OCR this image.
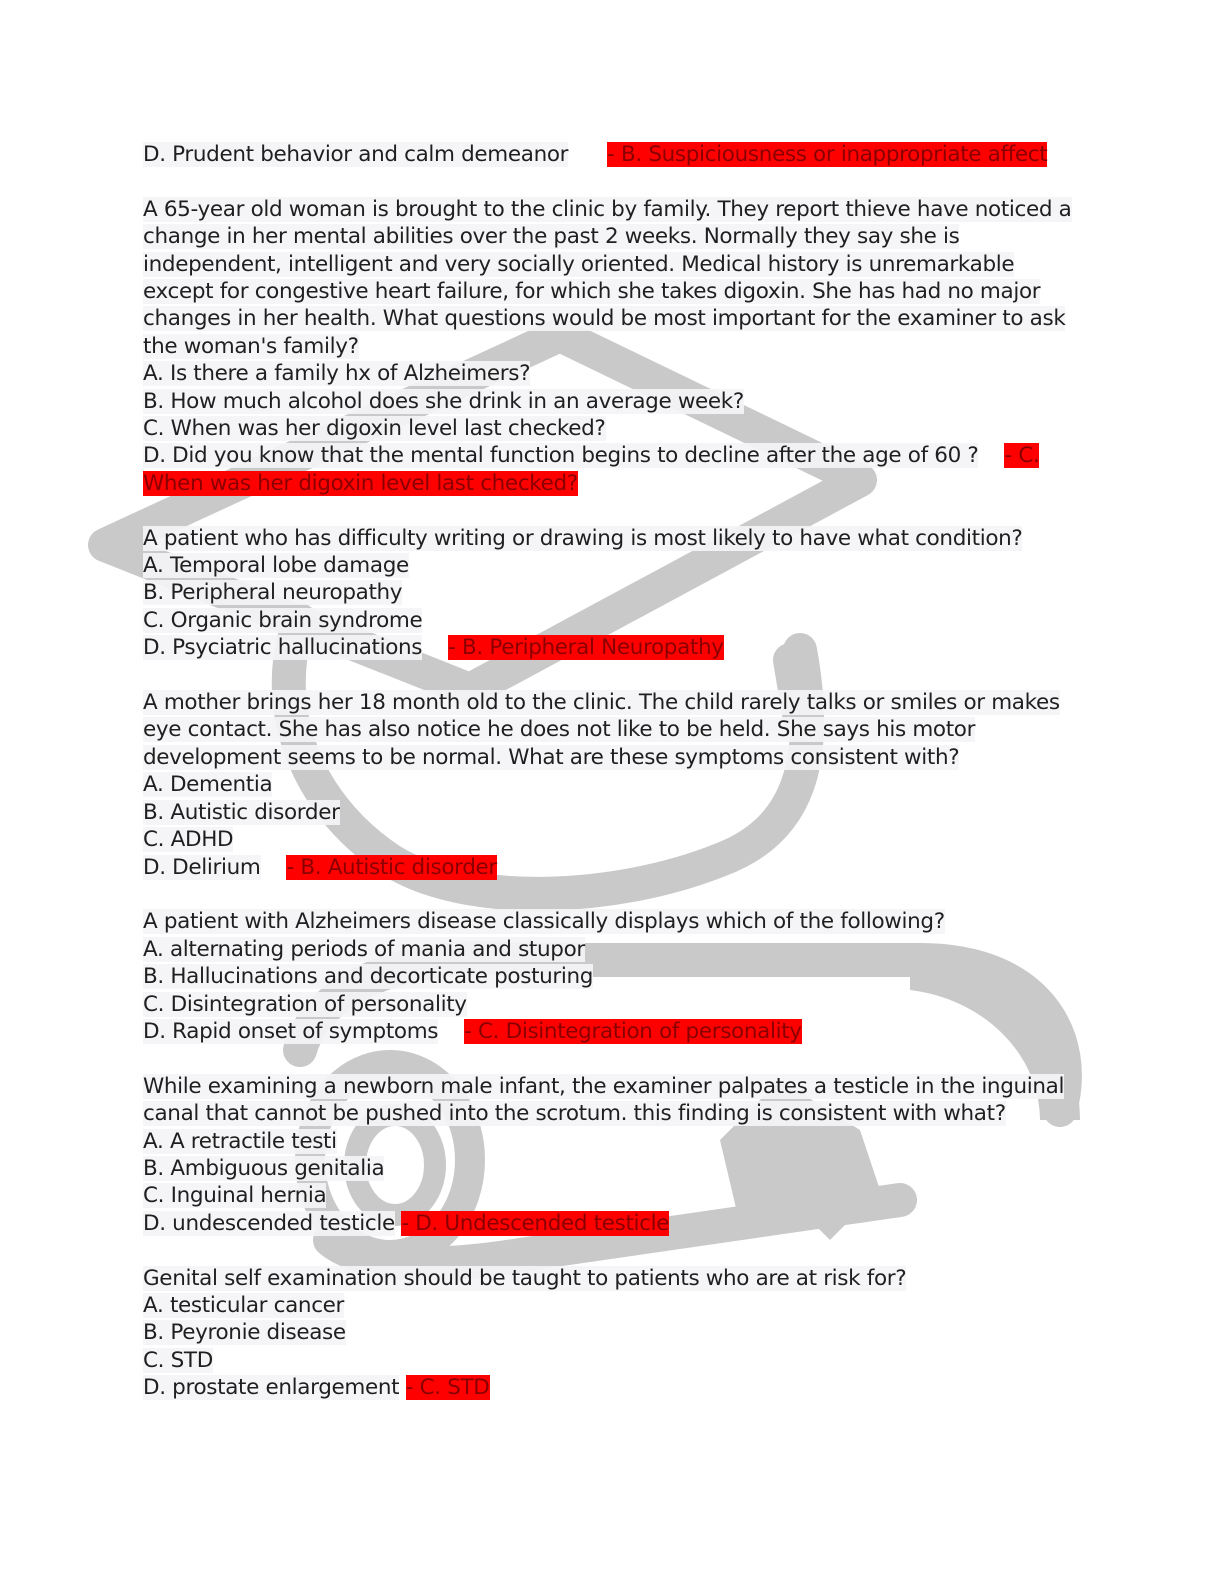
D. Prudent behavior and calm demeanor - B. Suspiciousness or inappropriate affect
A 65-year old woman is brought to the clinic by family. They report thieve have noticed a change in her mental abilities over the past 2 weeks. Normally they say she is independent, intelligent and very socially oriented. Medical history is unremarkable except for congestive heart failure, for which she takes digoxin. She has had no major changes in her health. What questions would be most important for the examiner to ask the woman's family?
A. Is there a family hx of Alzheimers?
B. How much alcohol does she drink in an average week?
C. When was her digoxin level last checked?
D. Did you know that the mental function begins to decline after the age of 60 ? - C. When was her digoxin level last checked?
A patient who has difficulty writing or drawing is most likely to have what condition?
A. Temporal lobe damage
B. Peripheral neuropathy
C. Organic brain syndrome
D. Psyciatric hallucinations - B. Peripheral Neuropathy
A mother brings her 18 month old to the clinic. The child rarely talks or smiles or makes eye contact. She has also notice he does not like to be held. She says his motor development seems to be normal. What are these symptoms consistent with?
A. Dementia
B. Autistic disorder
C. ADHD
D. Delirium - B. Autistic disorder
A patient with Alzheimers disease classically displays which of the following?
A. alternating periods of mania and stupor
B. Hallucinations and decorticate posturing
C. Disintegration of personality
D. Rapid onset of symptoms - C. Disintegration of personality
While examining a newborn male infant, the examiner palpates a testicle in the inguinal canal that cannot be pushed into the scrotum. this finding is consistent with what?
A. A retractile testi
B. Ambiguous genitalia
C. Inguinal hernia
D. undescended testicle - D. Undescended testicle
Genital self examination should be taught to patients who are at risk for?
A. testicular cancer
B. Peyronie disease
C. STD
D. prostate enlargement - C. STD
